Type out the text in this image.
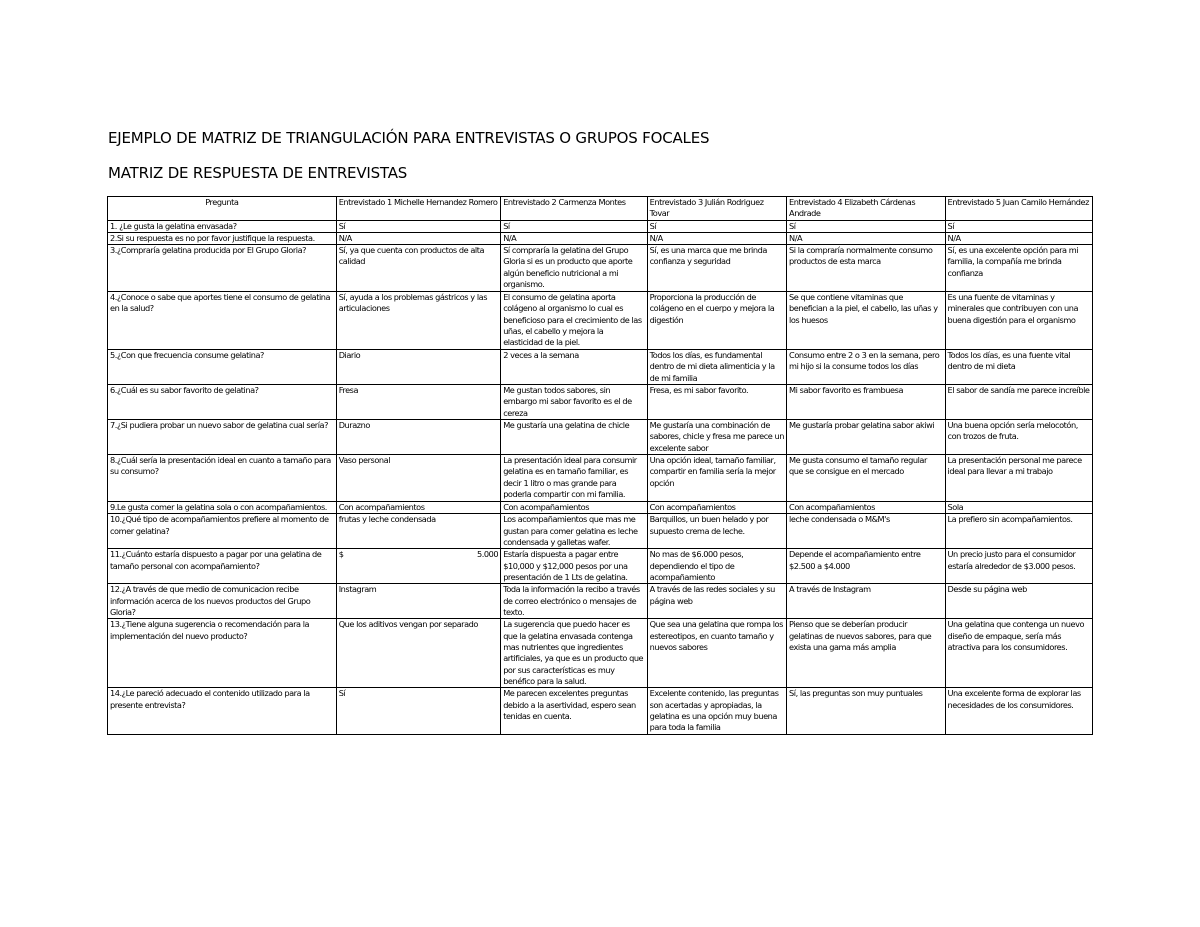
EJEMPLO DE MATRIZ DE TRIANGULACIÓN PARA ENTREVISTAS O GRUPOS FOCALES
MATRIZ DE RESPUESTA DE ENTREVISTAS
Pregunta	Entrevistado 1 Michelle Hernandez Romero	Entrevistado 2 Carmenza Montes	Entrevistado 3 Julián Rodriguez Tovar	Entrevistado 4 Elizabeth Cárdenas Andrade	Entrevistado 5 Juan Camilo Hernández
1. ¿Le gusta la gelatina envasada?	Sí	Sí	Sí	Sí	Sí
2.Si su respuesta es no por favor justifique la respuesta.	N/A	N/A	N/A	N/A	N/A
3.¿Compraría gelatina producida por El Grupo Gloria?	Sí, ya que cuenta con productos de alta calidad	Sí compraría la gelatina del Grupo Gloria si es un producto que aporte algún beneficio nutricional a mi organismo.	Sí, es una marca que me brinda confianza y seguridad	Si la compraría normalmente consumo productos de esta marca	Sí, es una excelente opción para mi familia, la compañía me brinda confianza
4.¿Conoce o sabe que aportes tiene el consumo de gelatina en la salud?	Sí, ayuda a los problemas gástricos y las articulaciones	El consumo de gelatina aporta colágeno al organismo lo cual es beneficioso para el crecimiento de las uñas, el cabello y mejora la elasticidad de la piel.	Proporciona la producción de colágeno en el cuerpo y mejora la digestión	Se que contiene vitaminas que benefician a la piel, el cabello, las uñas y los huesos	Es una fuente de vitaminas y minerales que contribuyen con una buena digestión para el organismo
5.¿Con que frecuencia consume gelatina?	Diario	2 veces a la semana	Todos los días, es fundamental dentro de mi dieta alimenticia y la de mi familia	Consumo entre 2 o 3 en la semana, pero mi hijo si la consume todos los días	Todos los días, es una fuente vital dentro de mi dieta
6.¿Cuál es su sabor favorito de gelatina?	Fresa	Me gustan todos sabores, sin embargo mi sabor favorito es el de cereza	Fresa, es mi sabor favorito.	Mi sabor favorito es frambuesa	El sabor de sandía me parece increíble
7.¿Si pudiera probar un nuevo sabor de gelatina cual sería?	Durazno	Me gustaría una gelatina de chicle	Me gustaría una combinación de sabores, chicle y fresa me parece un excelente sabor	Me gustaría probar gelatina sabor akiwi	Una buena opción sería melocotón, con trozos de fruta.
8.¿Cuál sería la presentación ideal en cuanto a tamaño para su consumo?	Vaso personal	La presentación ideal para consumir gelatina es en tamaño familiar, es decir 1 litro o mas grande para poderla compartir con mi familia.	Una opción ideal, tamaño familiar, compartir en familia sería la mejor opción	Me gusta consumo el tamaño regular que se consigue en el mercado	La presentación personal me parece ideal para llevar a mi trabajo
9.Le gusta comer la gelatina sola o con acompañamientos.	Con acompañamientos	Con acompañamientos	Con acompañamientos	Con acompañamientos	Sola
10.¿Qué tipo de acompañamientos prefiere al momento de comer gelatina?	frutas y leche condensada	Los acompañamientos que mas me gustan para comer gelatina es leche condensada y galletas wafer.	Barquillos, un buen helado y por supuesto crema de leche.	leche condensada o M&M's	La prefiero sin acompañamientos.
11.¿Cuánto estaría dispuesto a pagar por una gelatina de tamaño personal con acompañamiento?	$ 5.000	Estaría dispuesta a pagar entre $10,000 y $12,000 pesos por una presentación de 1 Lts de gelatina.	No mas de $6.000 pesos, dependiendo el tipo de acompañamiento	Depende el acompañamiento entre $2.500 a $4.000	Un precio justo para el consumidor estaría alrededor de $3.000 pesos.
12.¿A través de que medio de comunicacion recibe información acerca de los nuevos productos del Grupo Gloria?	Instagram	Toda la información la recibo a través de correo electrónico o mensajes de texto.	A través de las redes sociales y su página web	A través de Instagram	Desde su página web
13.¿Tiene alguna sugerencia o recomendación para la implementación del nuevo producto?	Que los aditivos vengan por separado	La sugerencia que puedo hacer es que la gelatina envasada contenga mas nutrientes que ingredientes artificiales, ya que es un producto que por sus características es muy benéfico para la salud.	Que sea una gelatina que rompa los estereotipos, en cuanto tamaño y nuevos sabores	Pienso que se deberían producir gelatinas de nuevos sabores, para que exista una gama más amplia	Una gelatina que contenga un nuevo diseño de empaque, sería más atractiva para los consumidores.
14.¿Le pareció adecuado el contenido utilizado para la presente entrevista?	Sí	Me parecen excelentes preguntas debido a la asertividad, espero sean tenidas en cuenta.	Excelente contenido, las preguntas son acertadas y apropiadas, la gelatina es una opción muy buena para toda la familia	Sí, las preguntas son muy puntuales	Una excelente forma de explorar las necesidades de los consumidores.
